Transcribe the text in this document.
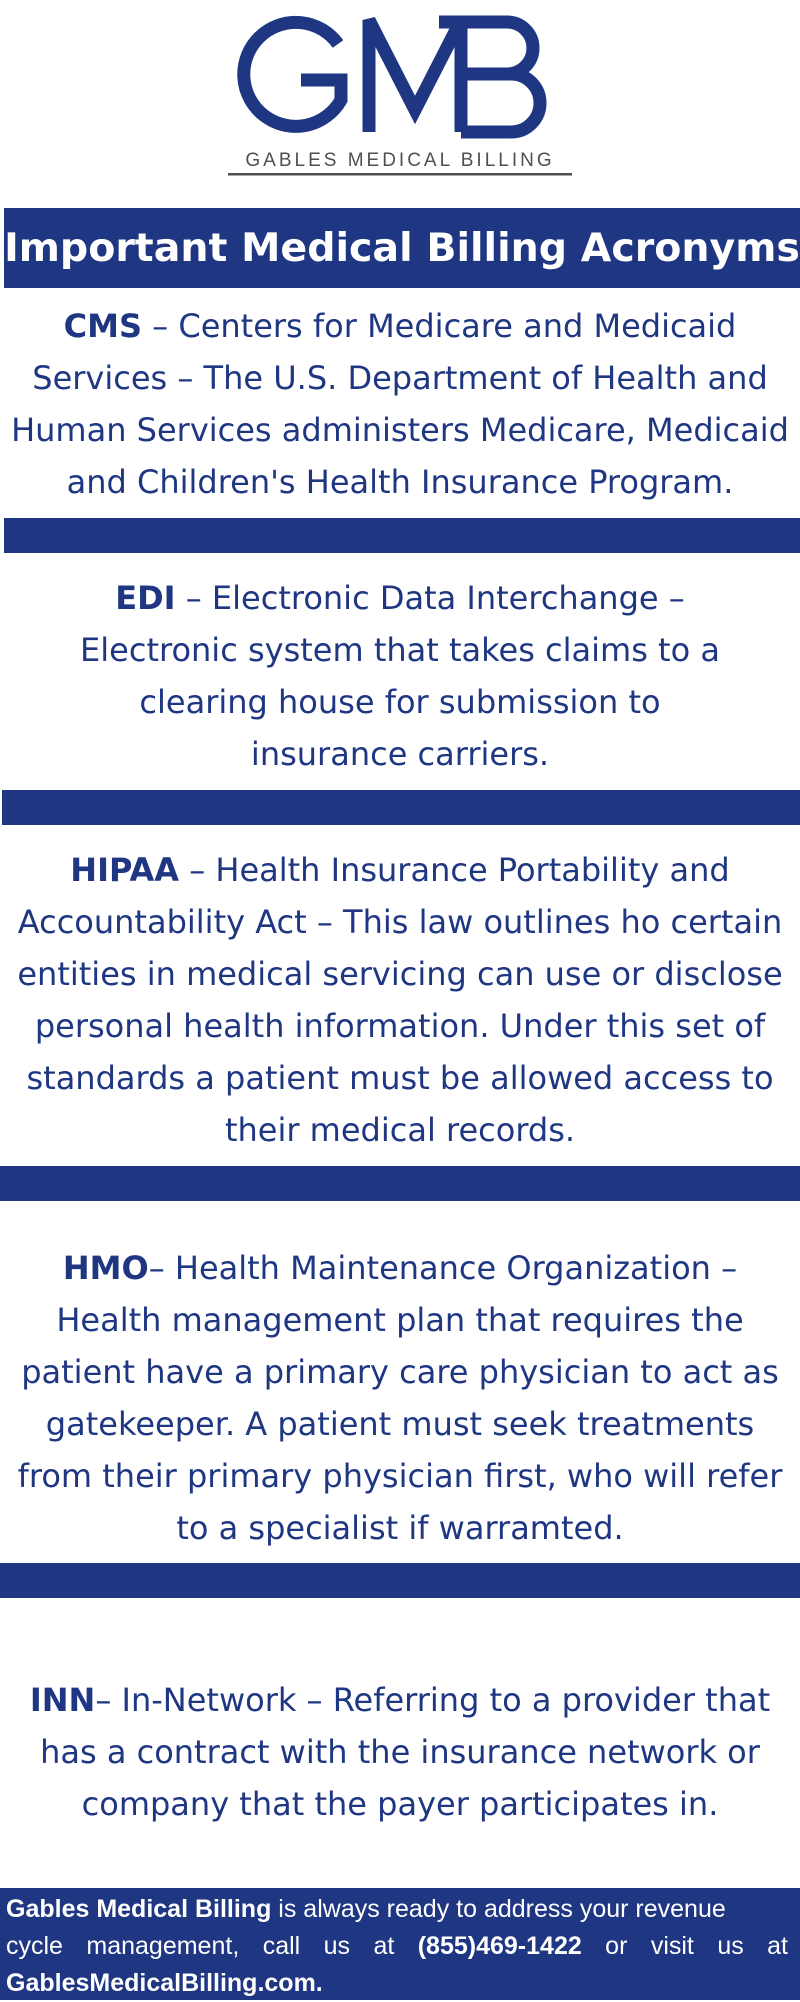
GABLES MEDICAL BILLING
Important Medical Billing Acronyms
CMS – Centers for Medicare and Medicaid
Services – The U.S. Department of Health and
Human Services administers Medicare, Medicaid
and Children's Health Insurance Program.
EDI – Electronic Data Interchange –
Electronic system that takes claims to a
clearing house for submission to
insurance carriers.
HIPAA – Health Insurance Portability and
Accountability Act – This law outlines ho certain
entities in medical servicing can use or disclose
personal health information. Under this set of
standards a patient must be allowed access to
their medical records.
HMO– Health Maintenance Organization –
Health management plan that requires the
patient have a primary care physician to act as
gatekeeper. A patient must seek treatments
from their primary physician first, who will refer
to a specialist if warramted.
INN– In-Network – Referring to a provider that
has a contract with the insurance network or
company that the payer participates in.
Gables Medical Billing is always ready to address your revenue
cycle management, call us at (855)469-1422 or visit us at
GablesMedicalBilling.com.
